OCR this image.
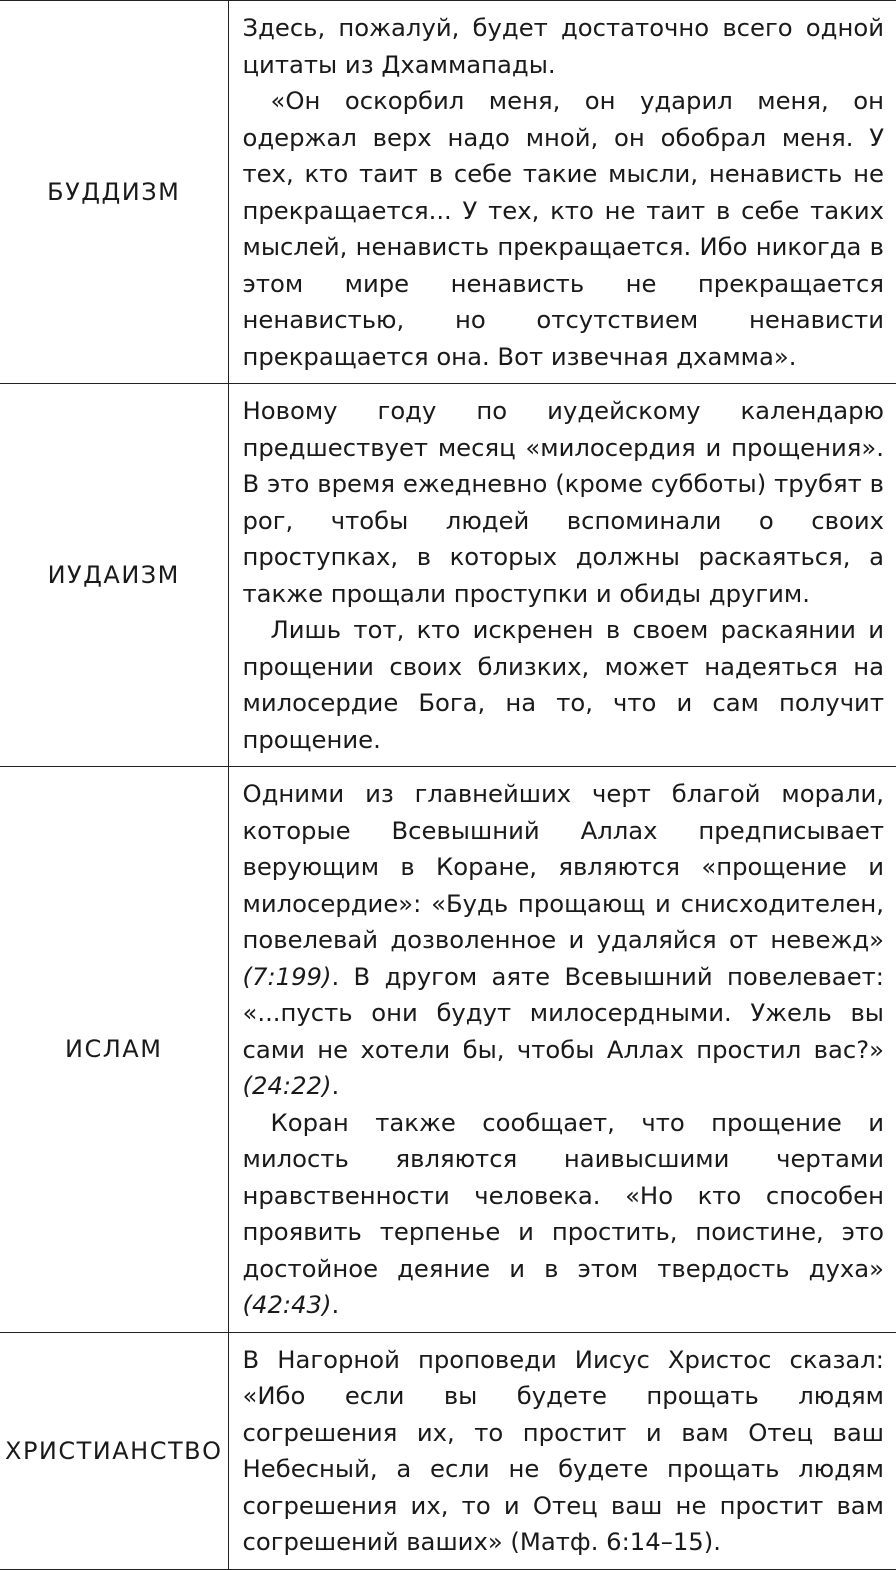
БУДДИЗМ	Здесь, пожалуй, будет достаточно всего одной цитаты из Дхаммапады.

«Он оскорбил меня, он ударил меня, он одержал верх надо мной, он обобрал меня. У тех, кто таит в себе такие мысли, ненависть не прекращается... У тех, кто не таит в себе таких мыслей, ненависть прекращается. Ибо никогда в этом мире ненависть не прекращается ненавистью, но отсутствием ненависти прекращается она. Вот извечная дхамма».

ИУДАИЗМ	Новому году по иудейскому календарю предшествует месяц «милосердия и прощения». В это время ежедневно (кроме субботы) трубят в рог, чтобы людей вспоминали о своих проступках, в которых должны раскаяться, а также прощали проступки и обиды другим.

Лишь тот, кто искренен в своем раскаянии и прощении своих близких, может надеяться на милосердие Бога, на то, что и сам получит прощение.

ИСЛАМ	Одними из главнейших черт благой морали, которые Всевышний Аллах предписывает верующим в Коране, являются «прощение и милосердие»: «Будь прощающ и снисходителен, повелевай дозволенное и удаляйся от невежд» (7:199). В другом аяте Всевышний повелевает: «...пусть они будут милосердными. Ужель вы сами не хотели бы, чтобы Аллах простил вас?» (24:22).

Коран также сообщает, что прощение и милость являются наивысшими чертами нравственности человека. «Но кто способен проявить терпенье и простить, поистине, это достойное деяние и в этом твердость духа» (42:43).

ХРИСТИАНСТВО	В Нагорной проповеди Иисус Христос сказал: «Ибо если вы будете прощать людям согрешения их, то простит и вам Отец ваш Небесный, а если не будете прощать людям согрешения их, то и Отец ваш не простит вам согрешений ваших» (Матф. 6:14–15).
